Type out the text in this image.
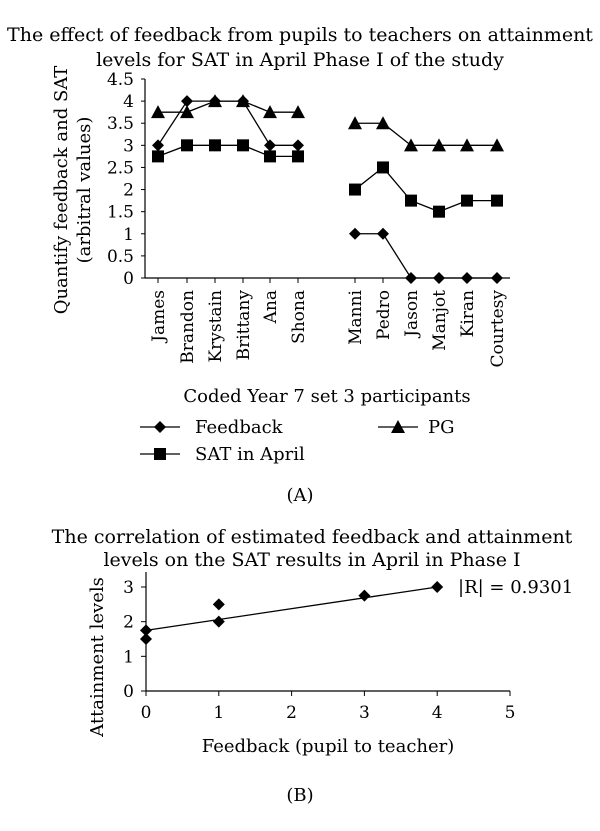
The effect of feedback from pupils to teachers on attainment
levels for SAT in April Phase I of the study
Quantify feedback and SAT (arbitral values)
0
0.5
1
1.5
2
2.5
3
3.5
4
4.5
James Brandon Krystain Brittany Ana Shona Manni Pedro Jason Manjot Kiran Courtesy
Coded Year 7 set 3 participants
Feedback	PG
SAT in April
(A)
The correlation of estimated feedback and attainment
levels on the SAT results in April in Phase I
Attainment levels 0
1
2
3
0	1	2	3	4	5
|R| = 0.9301
Feedback (pupil to teacher)
(B)
